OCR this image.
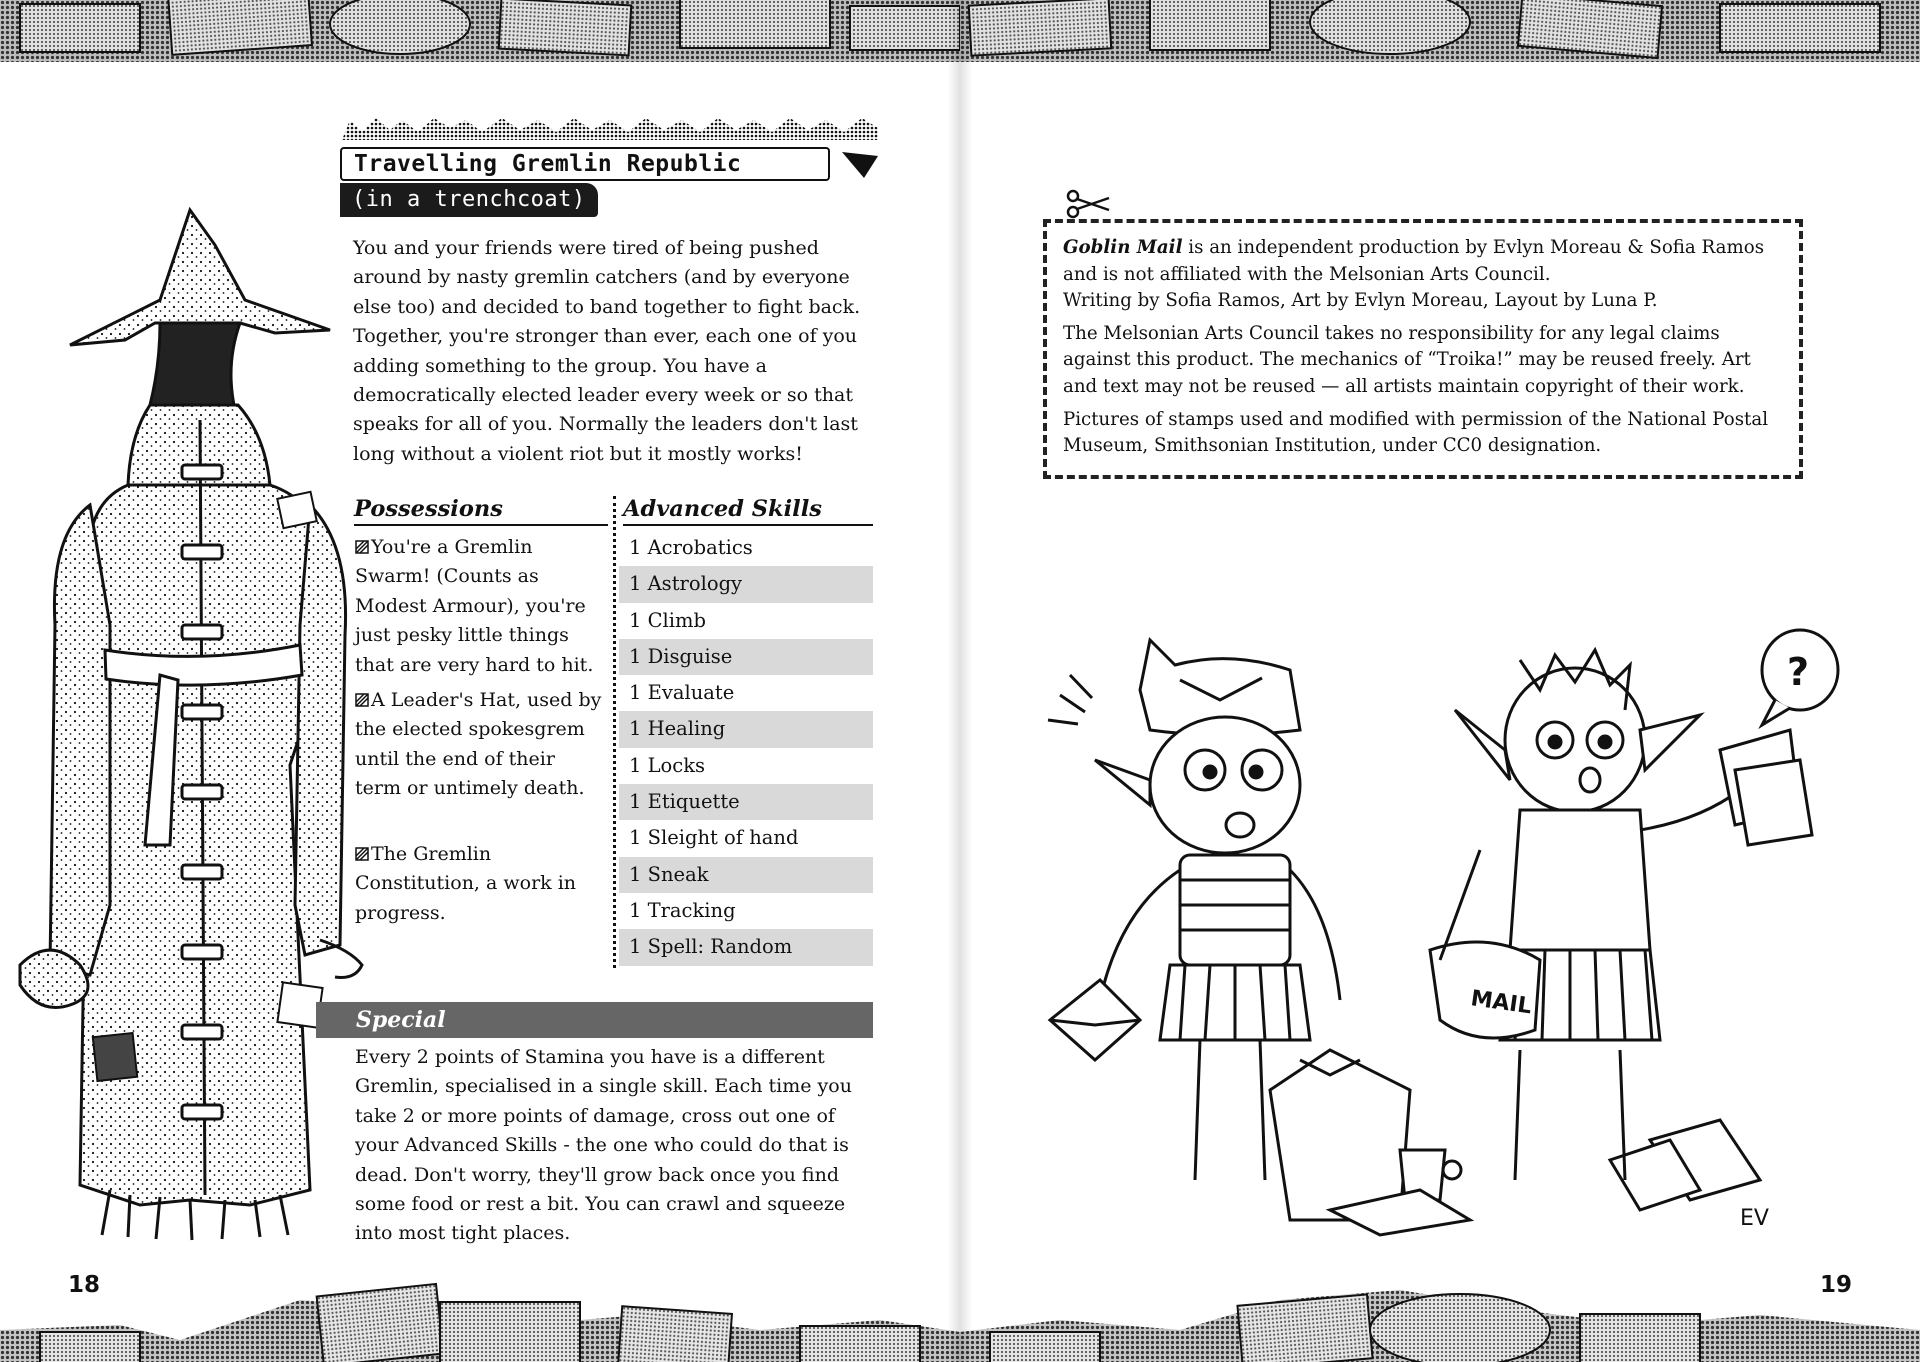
Travelling Gremlin Republic
(in a trenchcoat)
You and your friends were tired of being pushed around by nasty gremlin catchers (and by everyone else too) and decided to band together to fight back. Together, you're stronger than ever, each one of you adding something to the group. You have a democratically elected leader every week or so that speaks for all of you. Normally the leaders don't last long without a violent riot but it mostly works!
Possessions	Advanced Skills
You're a Gremlin Swarm! (Counts as Modest Armour), you're just pesky little things that are very hard to hit.
A Leader's Hat, used by the elected spokesgrem until the end of their term or untimely death.
The Gremlin Constitution, a work in progress.
1 Acrobatics
1 Astrology
1 Climb
1 Disguise
1 Evaluate
1 Healing
1 Locks
1 Etiquette
1 Sleight of hand
1 Sneak
1 Tracking
1 Spell: Random
Special
Every 2 points of Stamina you have is a different Gremlin, specialised in a single skill. Each time you take 2 or more points of damage, cross out one of your Advanced Skills - the one who could do that is dead. Don't worry, they'll grow back once you find some food or rest a bit. You can crawl and squeeze into most tight places.
18

Goblin Mail is an independent production by Evlyn Moreau & Sofia Ramos and is not affiliated with the Melsonian Arts Council.
Writing by Sofia Ramos, Art by Evlyn Moreau, Layout by Luna P.

The Melsonian Arts Council takes no responsibility for any legal claims against this product. The mechanics of “Troika!” may be reused freely. Art and text may not be reused — all artists maintain copyright of their work.

Pictures of stamps used and modified with permission of the National Postal Museum, Smithsonian Institution, under CC0 designation.

MAIL
?
EV
19
